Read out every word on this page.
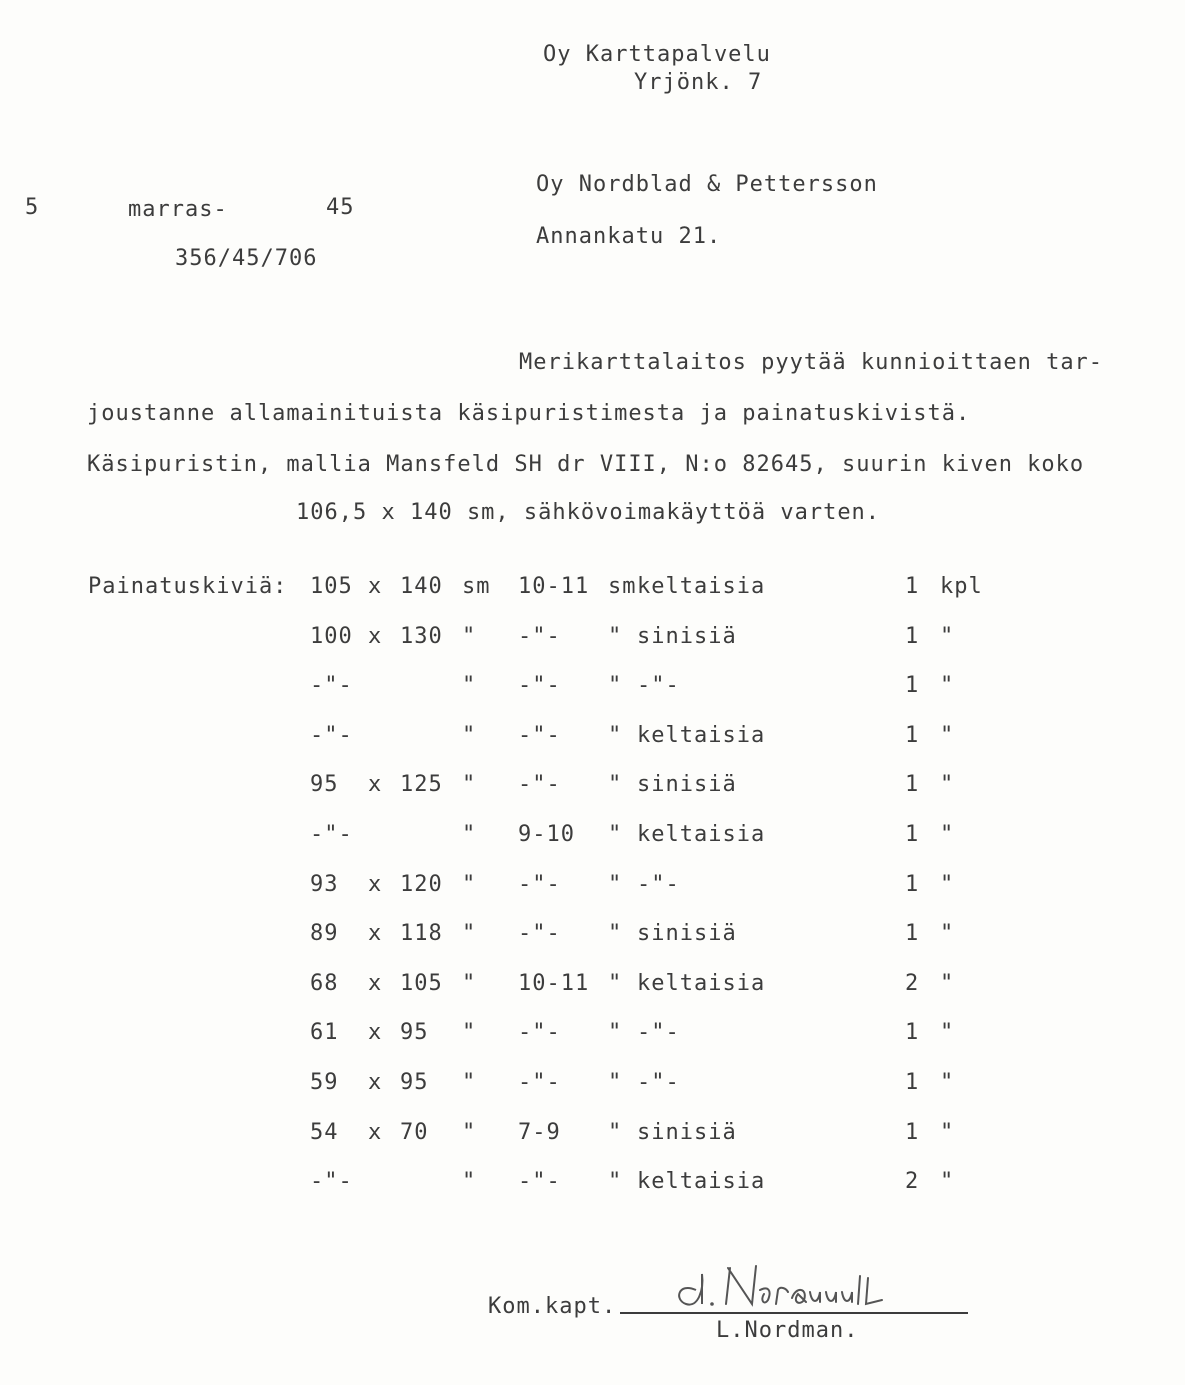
Oy Karttapalvelu
Yrjönk. 7
5	marras-	45
356/45/706
Oy Nordblad & Pettersson
Annankatu 21.
Merikarttalaitos pyytää kunnioittaen tar-
joustanne allamainituista käsipuristimesta ja painatuskivistä.
Käsipuristin, mallia Mansfeld SH dr VIII, N:o 82645, suurin kiven koko
106,5 x 140 sm, sähkövoimakäyttöä varten.
Painatuskiviä: 105 x 140 sm 10-11 sm keltaisia	1 kpl
100 x 130 " -"- " sinisiä	1 "
-"-	" -"- " -"-	1 "
-"-	" -"- " keltaisia	1 "
95 x 125 " -"- " sinisiä	1 "
-"-	" 9-10 " keltaisia	1 "
93 x 120 " -"- " -"-	1 "
89 x 118 " -"- " sinisiä	1 "
68 x 105 " 10-11 " keltaisia	2 "
61 x 95 " -"- " -"-	1 "
59 x 95 " -"- " -"-	1 "
54 x 70 " 7-9 " sinisiä	1 "
-"-	" -"- " keltaisia	2 "
Kom.kapt.
L.Nordman.
